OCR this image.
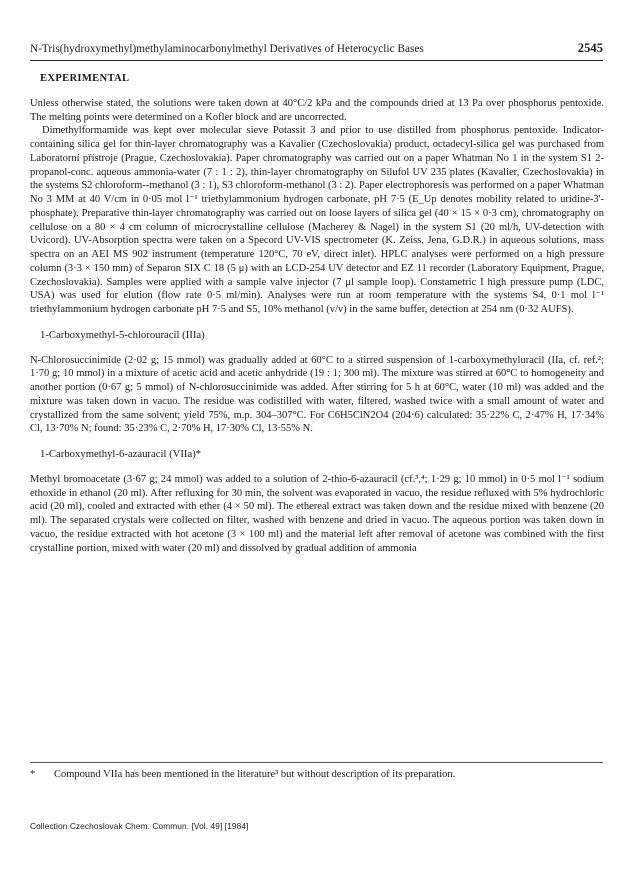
N-Tris(hydroxymethyl)methylaminocarbonylmethyl Derivatives of Heterocyclic Bases	2545

EXPERIMENTAL

Unless otherwise stated, the solutions were taken down at 40°C/2 kPa and the compounds dried at 13 Pa over phosphorus pentoxide. The melting points were determined on a Kofler block and are uncorrected.

Dimethylformamide was kept over molecular sieve Potassit 3 and prior to use distilled from phosphorus pentoxide. Indicator-containing silica gel for thin-layer chromatography was a Kavalier (Czechoslovakia) product, octadecyl-silica gel was purchased from Laboratorní přístroje (Prague, Czechoslovakia). Paper chromatography was carried out on a paper Whatman No 1 in the system S1 2-propanol-conc. aqueous ammonia-water (7 : 1 : 2), thin-layer chromatography on Silufol UV 235 plates (Kavalier, Czechoslovakia) in the systems S2 chloroform--methanol (3 : 1), S3 chloroform-methanol (3 : 2). Paper electrophoresis was performed on a paper Whatman No 3 MM at 40 V/cm in 0·05 mol l⁻¹ triethylammonium hydrogen carbonate, pH 7·5 (E_Up denotes mobility related to uridine-3'-phosphate). Preparative thin-layer chromatography was carried out on loose layers of silica gel (40 × 15 × 0·3 cm), chromatography on cellulose on a 80 × 4 cm column of microcrystalline cellulose (Macherey & Nagel) in the system S1 (20 ml/h, UV-detection with Uvicord). UV-Absorption spectra were taken on a Specord UV-VIS spectrometer (K. Zeiss, Jena, G.D.R.) in aqueous solutions, mass spectra on an AEI MS 902 instrument (temperature 120°C, 70 eV, direct inlet). HPLC analyses were performed on a high pressure column (3·3 × 150 mm) of Separon SIX C 18 (5 μ) with an LCD-254 UV detector and EZ 11 recorder (Laboratory Equipment, Prague, Czechoslovakia). Samples were applied with a sample valve injector (7 μl sample loop). Constametric I high pressure pump (LDC, USA) was used for elution (flow rate 0·5 ml/min). Analyses were run at room temperature with the systems S4, 0·1 mol l⁻¹ triethylammonium hydrogen carbonate pH 7·5 and S5, 10% methanol (v/v) in the same buffer, detection at 254 nm (0·32 AUFS).

1-Carboxymethyl-5-chlorouracil (IIIa)

N-Chlorosuccinimide (2·02 g; 15 mmol) was gradually added at 60°C to a stirred suspension of 1-carboxymethyluracil (IIa, cf. ref.²; 1·70 g; 10 mmol) in a mixture of acetic acid and acetic anhydride (19 : 1; 300 ml). The mixture was stirred at 60°C to homogeneity and another portion (0·67 g; 5 mmol) of N-chlorosuccinimide was added. After stirring for 5 h at 60°C, water (10 ml) was added and the mixture was taken down in vacuo. The residue was codistilled with water, filtered, washed twice with a small amount of water and crystallized from the same solvent; yield 75%, m.p. 304–307°C. For C6H5ClN2O4 (204·6) calculated: 35·22% C, 2·47% H, 17·34% Cl, 13·70% N; found: 35·23% C, 2·70% H, 17·30% Cl, 13·55% N.

1-Carboxymethyl-6-azauracil (VIIa)*

Methyl bromoacetate (3·67 g; 24 mmol) was added to a solution of 2-thio-6-azauracil (cf.³,⁴; 1·29 g; 10 mmol) in 0·5 mol l⁻¹ sodium ethoxide in ethanol (20 ml). After refluxing for 30 min, the solvent was evaporated in vacuo, the residue refluxed with 5% hydrochloric acid (20 ml), cooled and extracted with ether (4 × 50 ml). The ethereal extract was taken down and the residue mixed with benzene (20 ml). The separated crystals were collected on filter, washed with benzene and dried in vacuo. The aqueous portion was taken down in vacuo, the residue extracted with hot acetone (3 × 100 ml) and the material left after removal of acetone was combined with the first crystalline portion, mixed with water (20 ml) and dissolved by gradual addition of ammonia

* Compound VIIa has been mentioned in the literature³ but without description of its preparation.
Collection Czechoslovak Chem. Commun. [Vol. 49] [1984]
